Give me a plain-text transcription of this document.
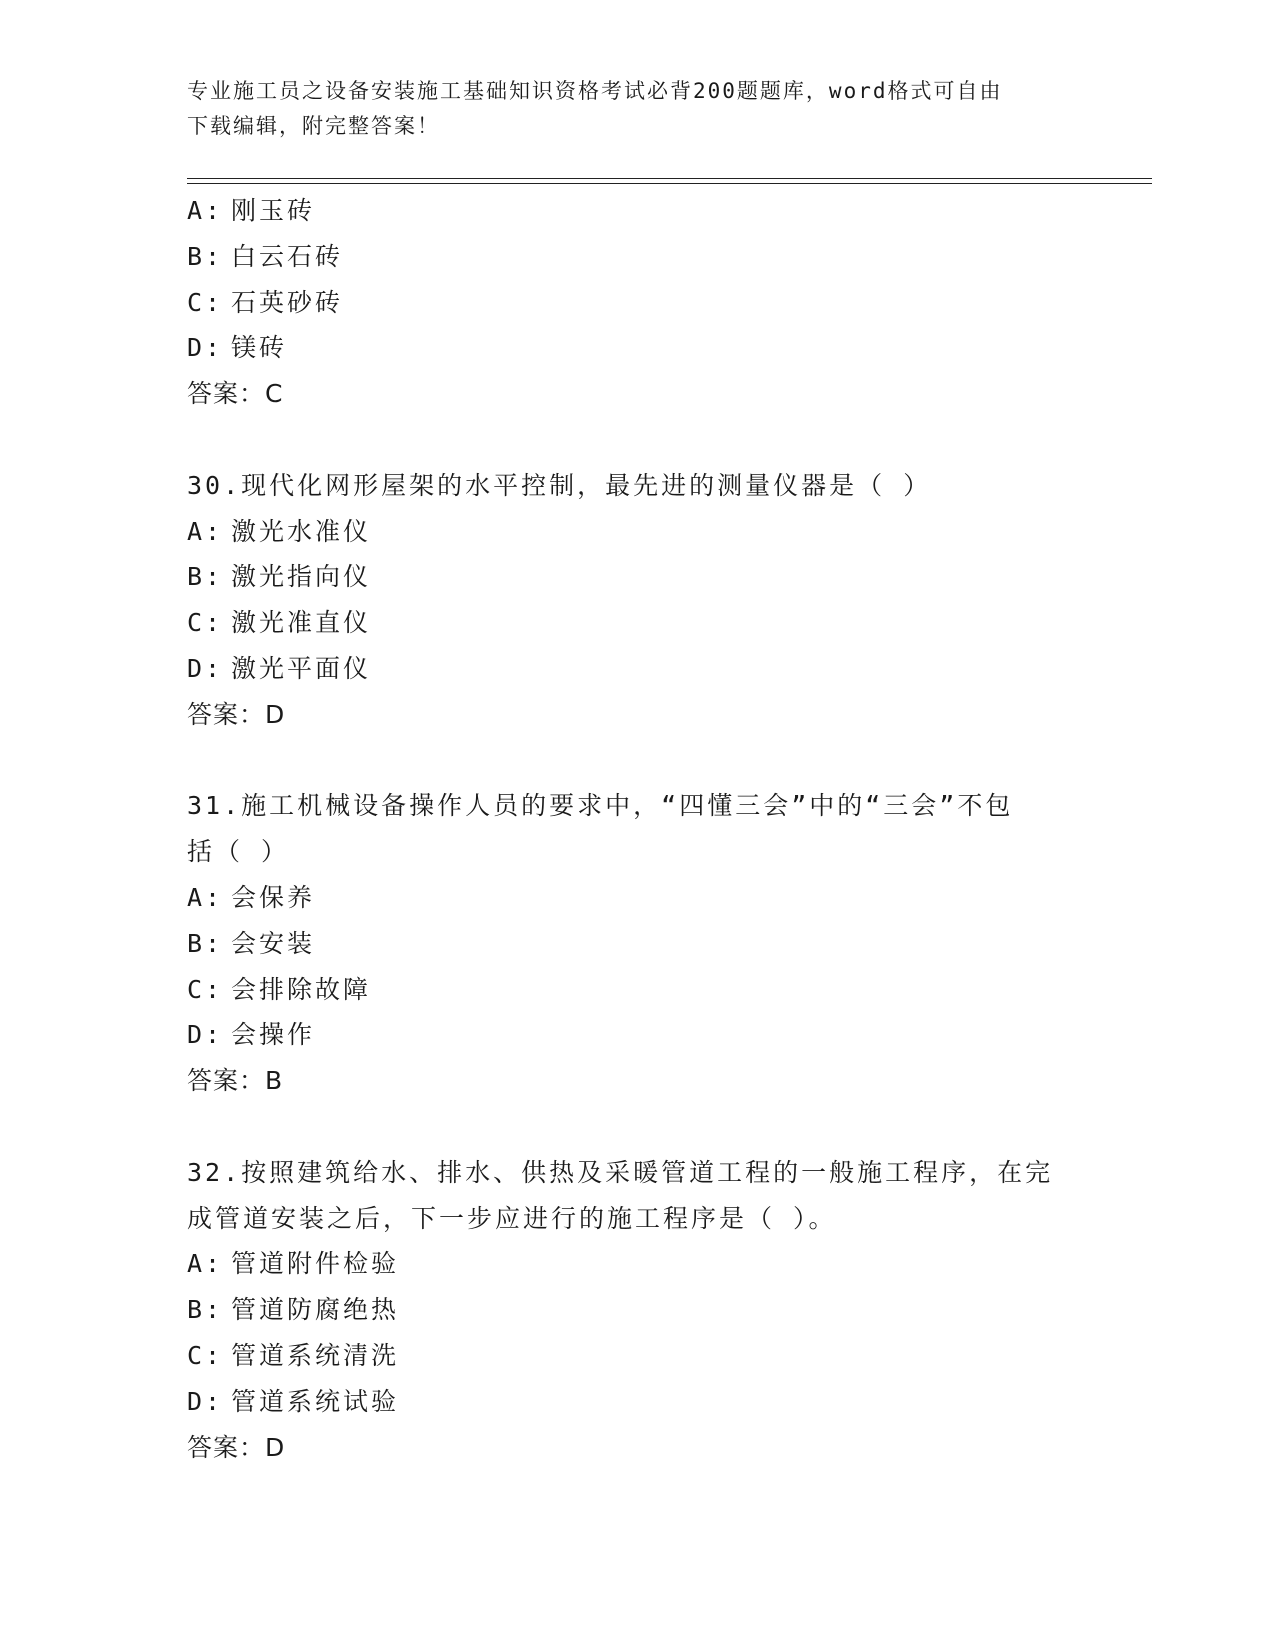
专业施工员之设备安装施工基础知识资格考试必背200题题库，word格式可自由
下载编辑，附完整答案！
A: 刚玉砖
B: 白云石砖
C: 石英砂砖
D: 镁砖
答案：C
30.现代化网形屋架的水平控制，最先进的测量仪器是（ ）
A: 激光水准仪
B: 激光指向仪
C: 激光准直仪
D: 激光平面仪
答案：D
31.施工机械设备操作人员的要求中，“四懂三会”中的“三会”不包
括（ ）
A: 会保养
B: 会安装
C: 会排除故障
D: 会操作
答案：B
32.按照建筑给水、排水、供热及采暖管道工程的一般施工程序，在完
成管道安装之后，下一步应进行的施工程序是（ ）。
A: 管道附件检验
B: 管道防腐绝热
C: 管道系统清洗
D: 管道系统试验
答案：D
